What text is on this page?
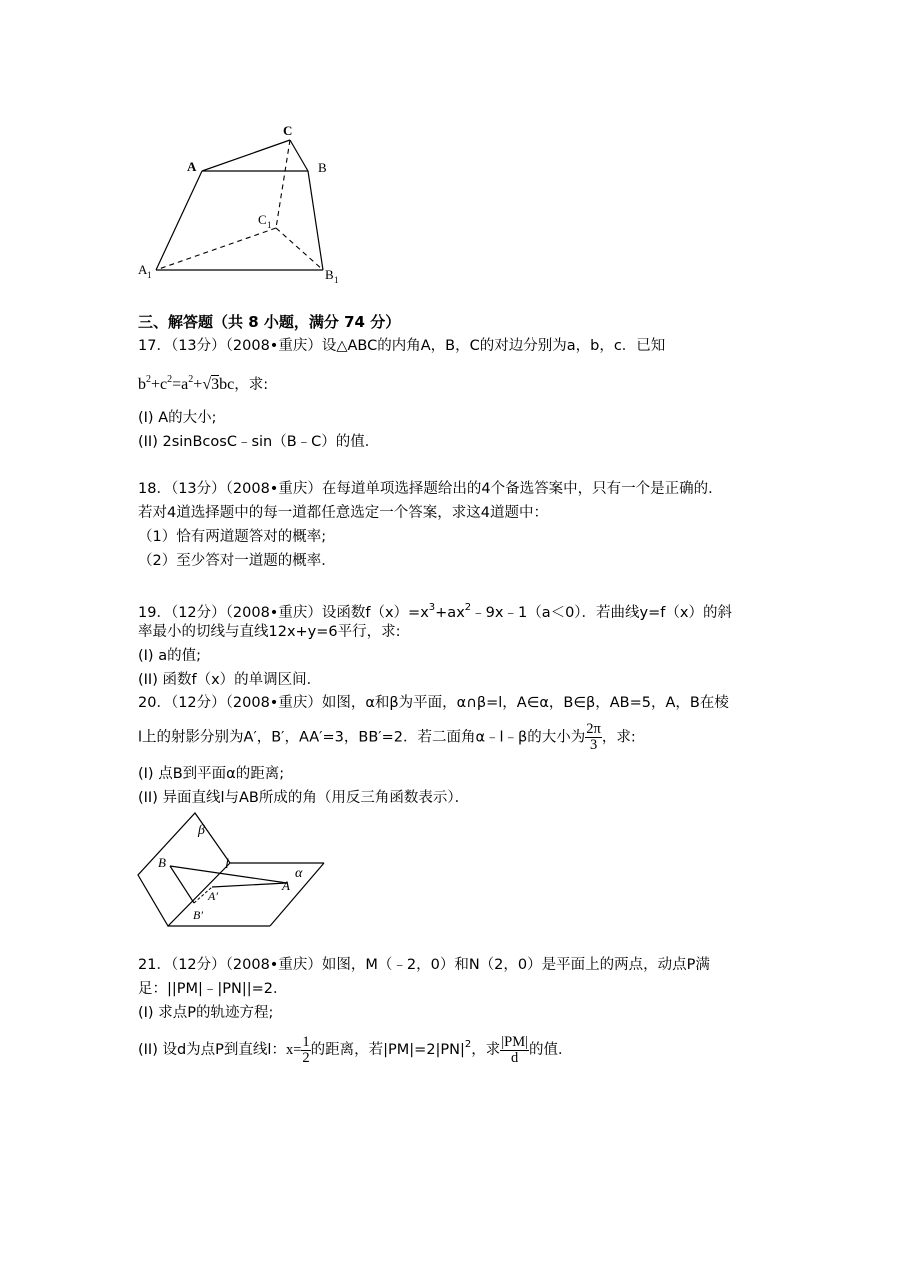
C
A	B
C 1
A 1	B 1
三、解答题（共 8 小题，满分 74 分）
17．（13分）（2008•重庆）设△ABC的内角A，B，C的对边分别为a，b，c．已知
$b^2+c^2=a^2+√3bc$，求:
(I) A的大小;
(II) 2sinBcosC﹣sin（B﹣C）的值．
18．（13分）（2008•重庆）在每道单项选择题给出的4个备选答案中，只有一个是正确的．
若对4道选择题中的每一道都任意选定一个答案，求这4道题中：
（1）恰有两道题答对的概率;
（2）至少答对一道题的概率．
19．（12分）（2008•重庆）设函数$f(x)=x^3+ax^2﹣9x﹣1(a<0)$．若曲线y=f（x）的斜
率最小的切线与直线12x+y=6平行，求:
(I) a的值;
(II) 函数f（x）的单调区间．
20．（12分）（2008•重庆）如图，α和β为平面，α∩β=l，A∈α，B∈β，AB=5，A，B在棱
l上的射影分别为A′，B′，AA′=3，BB′=2．若二面角α﹣l﹣β的大小为 $\frac{2\pi}{3}$ ，求:
(I) 点B到平面α的距离;
(II) 异面直线l与AB所成的角（用反三角函数表示）．
β
α
l
B
A
A′
B′
21．（12分）（2008•重庆）如图，M（﹣2，0）和N（2，0）是平面上的两点，动点P满
足：||PM|﹣|PN||=2．
(I) 求点P的轨迹方程;
(II) 设d为点P到直线l：$x= \frac{1}{2}$ 的距离，若$|PM|=2|PN|^2$，求 $\frac{|PM|}{d}$ 的值．
